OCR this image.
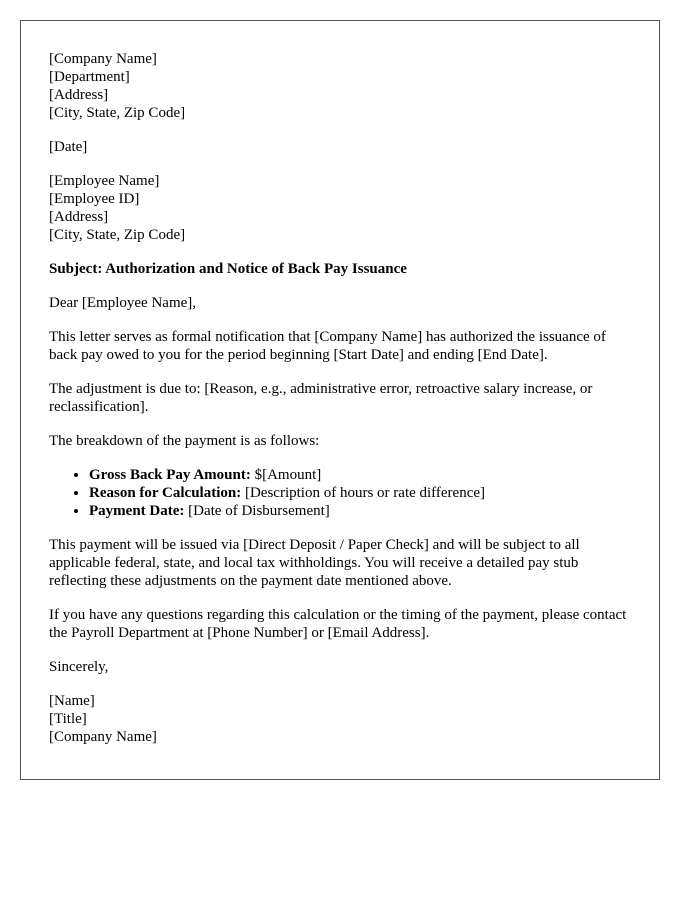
[Company Name]
[Department]
[Address]
[City, State, Zip Code]
[Date]
[Employee Name]
[Employee ID]
[Address]
[City, State, Zip Code]

Subject: Authorization and Notice of Back Pay Issuance

Dear [Employee Name],

This letter serves as formal notification that [Company Name] has authorized the issuance of back pay owed to you for the period beginning [Start Date] and ending [End Date].

The adjustment is due to: [Reason, e.g., administrative error, retroactive salary increase, or reclassification].

The breakdown of the payment is as follows:

• Gross Back Pay Amount: $[Amount]
• Reason for Calculation: [Description of hours or rate difference]
• Payment Date: [Date of Disbursement]

This payment will be issued via [Direct Deposit / Paper Check] and will be subject to all applicable federal, state, and local tax withholdings. You will receive a detailed pay stub reflecting these adjustments on the payment date mentioned above.

If you have any questions regarding this calculation or the timing of the payment, please contact the Payroll Department at [Phone Number] or [Email Address].

Sincerely,

[Name]
[Title]
[Company Name]
